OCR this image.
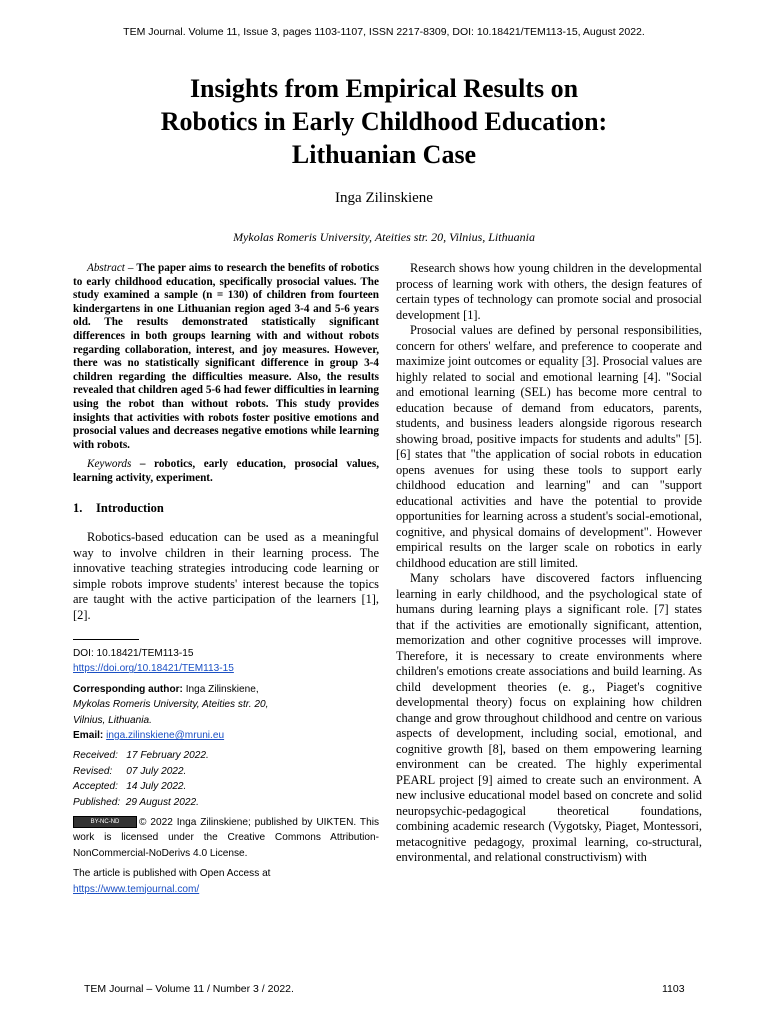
TEM Journal. Volume 11, Issue 3, pages 1103-1107, ISSN 2217-8309, DOI: 10.18421/TEM113-15, August 2022.
Insights from Empirical Results on
Robotics in Early Childhood Education:
Lithuanian Case
Inga Zilinskiene
Mykolas Romeris University, Ateities str. 20, Vilnius, Lithuania
Abstract – The paper aims to research the benefits of robotics to early childhood education, specifically prosocial values. The study examined a sample (n = 130) of children from fourteen kindergartens in one Lithuanian region aged 3-4 and 5-6 years old. The results demonstrated statistically significant differences in both groups learning with and without robots regarding collaboration, interest, and joy measures. However, there was no statistically significant difference in group 3-4 children regarding the difficulties measure. Also, the results revealed that children aged 5-6 had fewer difficulties in learning using the robot than without robots. This study provides insights that activities with robots foster positive emotions and prosocial values and decreases negative emotions while learning with robots.
Keywords – robotics, early education, prosocial values, learning activity, experiment.
1. Introduction

Robotics-based education can be used as a meaningful way to involve children in their learning process. The innovative teaching strategies introducing code learning or simple robots improve students' interest because the topics are taught with the active participation of the learners [1], [2].

DOI: 10.18421/TEM113-15
https://doi.org/10.18421/TEM113-15
Corresponding author: Inga Zilinskiene,
Mykolas Romeris University, Ateities str. 20,
Vilnius, Lithuania.
Email: inga.zilinskiene@mruni.eu
Received:   17 February 2022.
Revised:     07 July 2022.
Accepted:   14 July 2022.
Published:  29 August 2022.
BY-NC-ND © 2022 Inga Zilinskiene; published by UIKTEN. This work is licensed under the Creative Commons Attribution-NonCommercial-NoDerivs 4.0 License.
The article is published with Open Access at
https://www.temjournal.com/

Research shows how young children in the developmental process of learning work with others, the design features of certain types of technology can promote social and prosocial development [1].

Prosocial values are defined by personal responsibilities, concern for others' welfare, and preference to cooperate and maximize joint outcomes or equality [3]. Prosocial values are highly related to social and emotional learning [4]. "Social and emotional learning (SEL) has become more central to education because of demand from educators, parents, students, and business leaders alongside rigorous research showing broad, positive impacts for students and adults" [5]. [6] states that "the application of social robots in education opens avenues for using these tools to support early childhood education and learning" and can "support educational activities and have the potential to provide opportunities for learning across a student's social-emotional, cognitive, and physical domains of development". However empirical results on the larger scale on robotics in early childhood education are still limited.

Many scholars have discovered factors influencing learning in early childhood, and the psychological state of humans during learning plays a significant role. [7] states that if the activities are emotionally significant, attention, memorization and other cognitive processes will improve. Therefore, it is necessary to create environments where children's emotions create associations and build learning. As child development theories (e. g., Piaget's cognitive developmental theory) focus on explaining how children change and grow throughout childhood and centre on various aspects of development, including social, emotional, and cognitive growth [8], based on them empowering learning environment can be created. The highly experimental PEARL project [9] aimed to create such an environment. A new inclusive educational model based on concrete and solid neuropsychic-pedagogical theoretical foundations, combining academic research (Vygotsky, Piaget, Montessori, metacognitive pedagogy, proximal learning, co-structural, environmental, and relational constructivism) with

TEM Journal – Volume 11 / Number 3 / 2022.	1103
